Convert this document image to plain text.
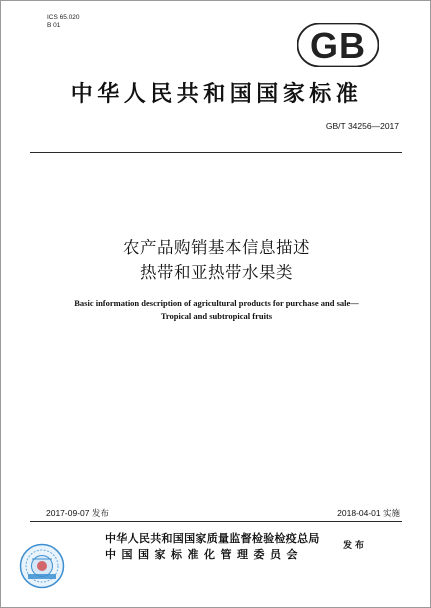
ICS 65.020
B 01	GB
中华人民共和国国家标准
GB/T 34256—2017
农产品购销基本信息描述
热带和亚热带水果类
Basic information description of agricultural products for purchase and sale—
Tropical and subtropical fruits
2017-09-07 发布	2018-04-01 实施
中华人民共和国国家质量监督检验检疫总局
中国国家标准化管理委员会
发布
